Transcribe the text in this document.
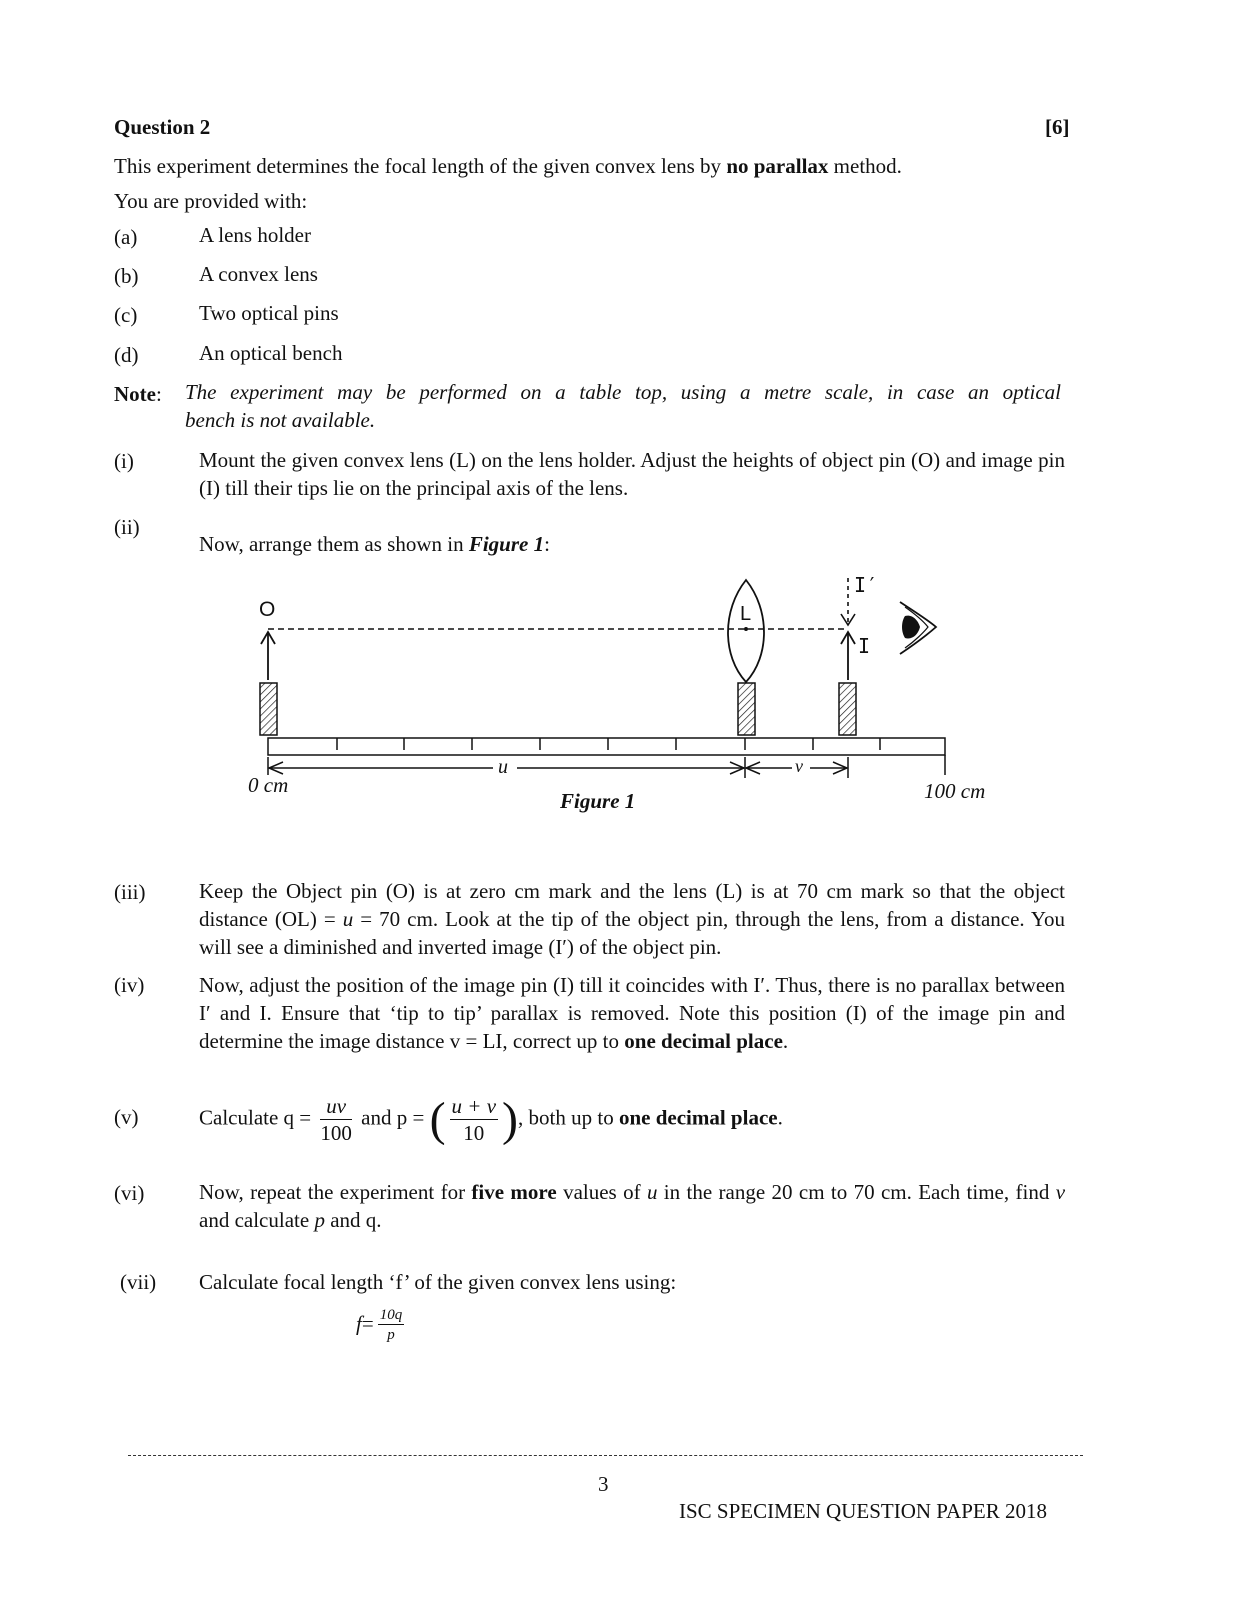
Question 2	[6]
This experiment determines the focal length of the given convex lens by no parallax method.
You are provided with:
(a)	A lens holder
(b)	A convex lens
(c)	Two optical pins
(d)	An optical bench
Note: The experiment may be performed on a table top, using a metre scale, in case an optical
bench is not available.
(i)	Mount the given convex lens (L) on the lens holder. Adjust the heights of object pin (O) and image pin (I) till their tips lie on the principal axis of the lens.
(ii)
Now, arrange them as shown in Figure 1:
O	L
I′
I
u	v
0 cm	100 cm
Figure 1
(iii)	Keep the Object pin (O) is at zero cm mark and the lens (L) is at 70 cm mark so that the object distance (OL) = u = 70 cm. Look at the tip of the object pin, through the lens, from a distance. You will see a diminished and inverted image (I′) of the object pin.
(iv)	Now, adjust the position of the image pin (I) till it coincides with I′. Thus, there is no parallax between I′ and I. Ensure that ‘tip to tip’ parallax is removed. Note this position (I) of the image pin and determine the image distance v = LI, correct up to one decimal place.
(v)	Calculate $q = \frac{uv}{100}$ and p = ( $\frac{u + v}{10}$ ), both up to one decimal place.
(vi)	Now, repeat the experiment for five more values of u in the range 20 cm to 70 cm. Each time, find v and calculate p and q.
(vii) Calculate focal length ‘f’ of the given convex lens using:
$f= \frac{10q}{p}$
3
ISC SPECIMEN QUESTION PAPER 2018
